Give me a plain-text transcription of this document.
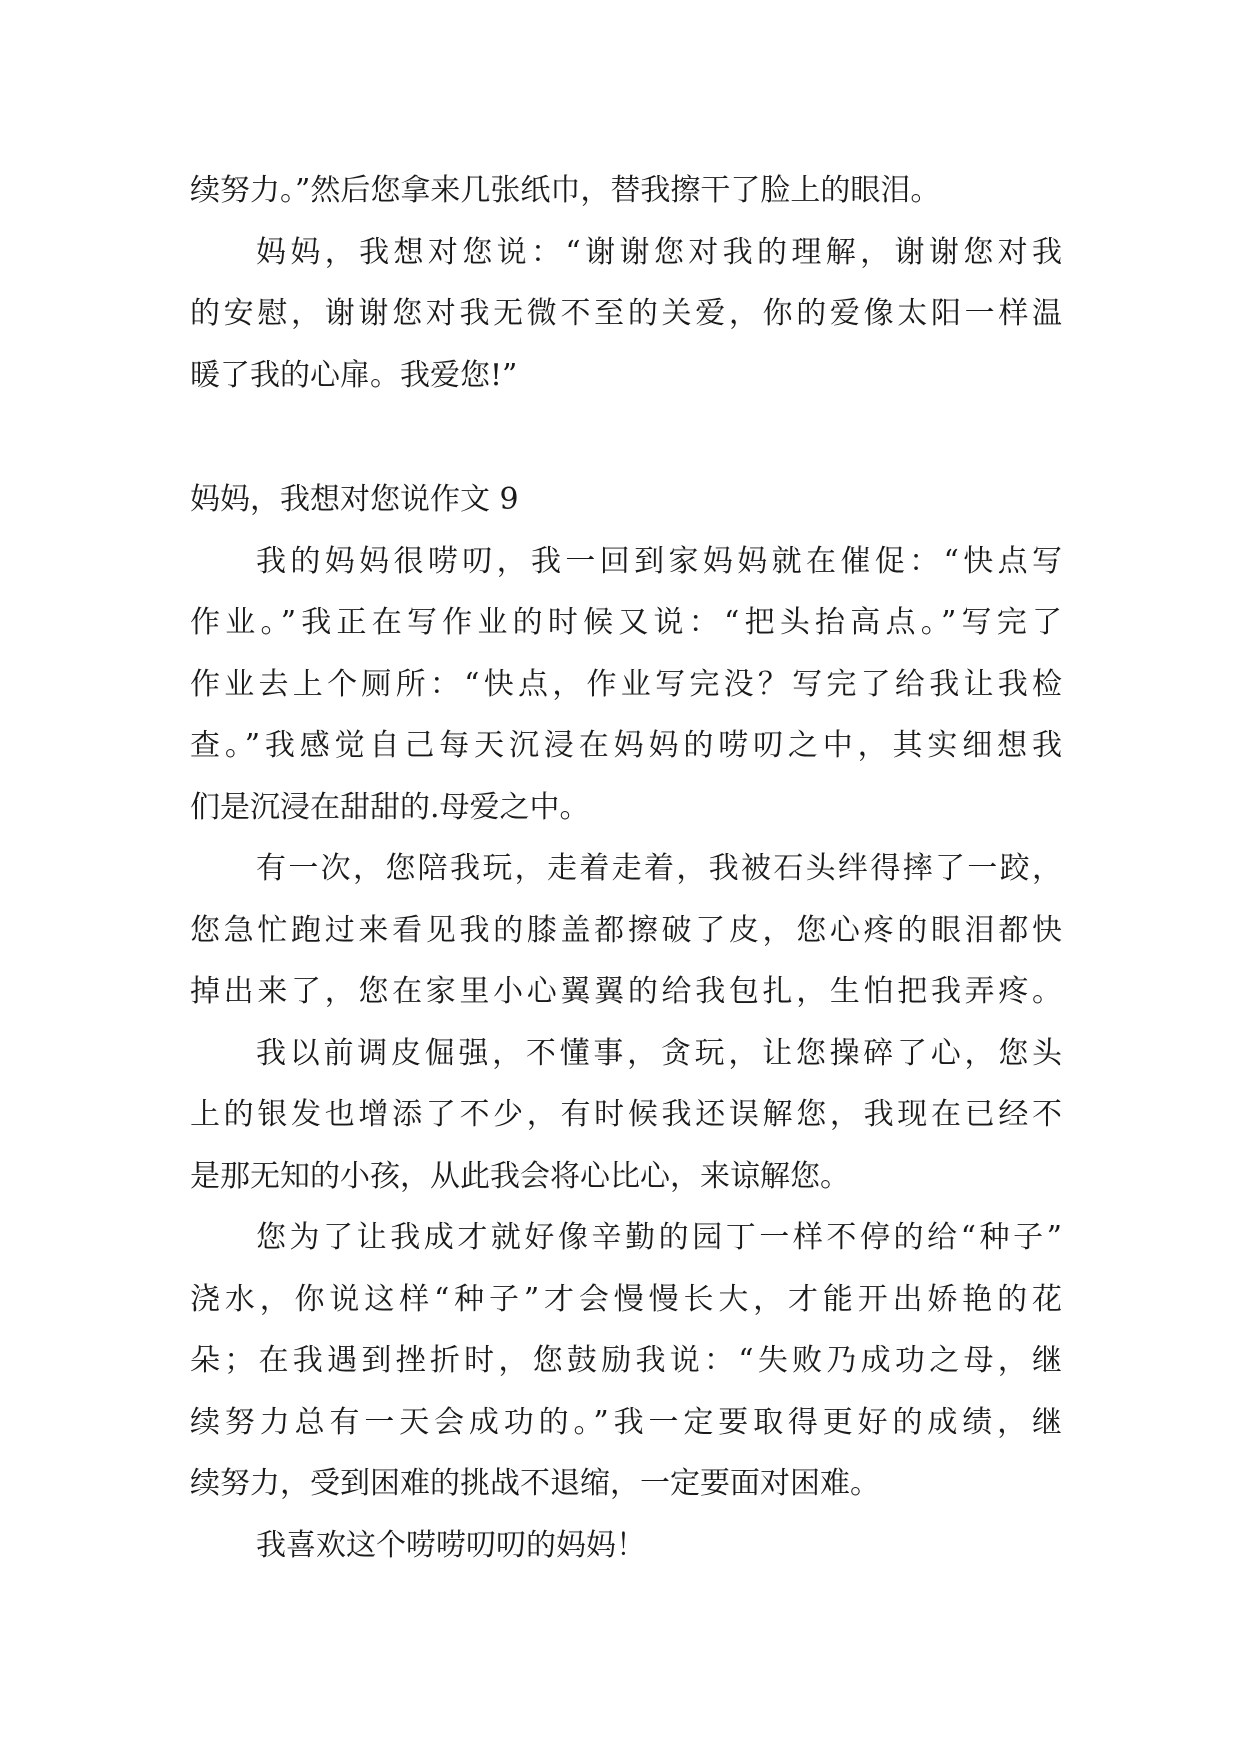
续努力。”然后您拿来几张纸巾，替我擦干了脸上的眼泪。
妈妈，我想对您说：“谢谢您对我的理解，谢谢您对我
的安慰，谢谢您对我无微不至的关爱，你的爱像太阳一样温
暖了我的心扉。我爱您!”
妈妈，我想对您说作文 9
我的妈妈很唠叨，我一回到家妈妈就在催促：“快点写
作业。”我正在写作业的时候又说：“把头抬高点。”写完了
作业去上个厕所：“快点，作业写完没？写完了给我让我检
查。”我感觉自己每天沉浸在妈妈的唠叨之中，其实细想我
们是沉浸在甜甜的.母爱之中。
有一次，您陪我玩，走着走着，我被石头绊得摔了一跤，
您急忙跑过来看见我的膝盖都擦破了皮，您心疼的眼泪都快
掉出来了，您在家里小心翼翼的给我包扎，生怕把我弄疼。
我以前调皮倔强，不懂事，贪玩，让您操碎了心，您头
上的银发也增添了不少，有时候我还误解您，我现在已经不
是那无知的小孩，从此我会将心比心，来谅解您。
您为了让我成才就好像辛勤的园丁一样不停的给“种子”
浇水，你说这样“种子”才会慢慢长大，才能开出娇艳的花
朵；在我遇到挫折时，您鼓励我说：“失败乃成功之母，继
续努力总有一天会成功的。”我一定要取得更好的成绩，继
续努力，受到困难的挑战不退缩，一定要面对困难。
我喜欢这个唠唠叨叨的妈妈！
